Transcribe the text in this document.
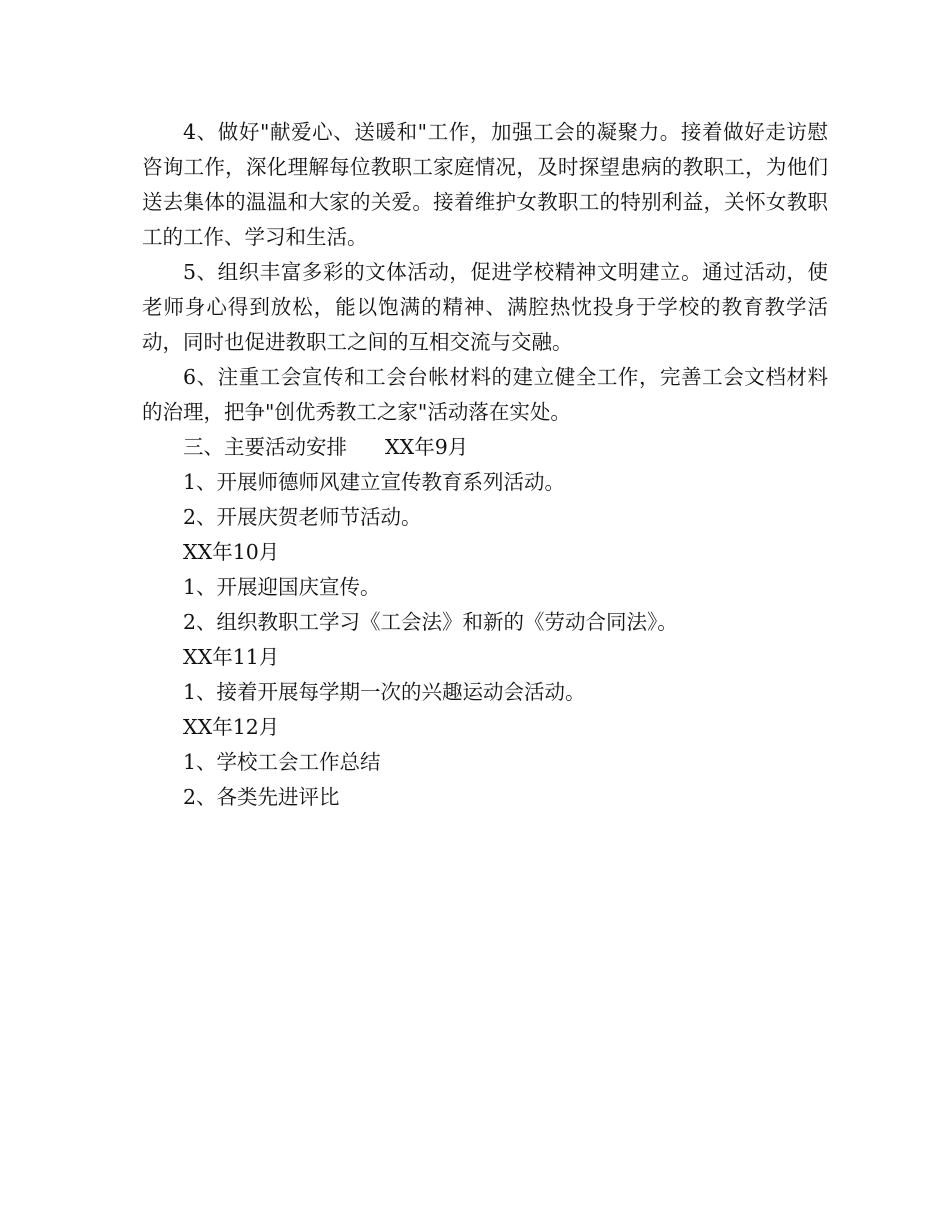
4、做好"献爱心、送暖和"工作，加强工会的凝聚力。接着做好走访慰咨询工作，深化理解每位教职工家庭情况，及时探望患病的教职工，为他们送去集体的温温和大家的关爱。接着维护女教职工的特别利益，关怀女教职工的工作、学习和生活。

5、组织丰富多彩的文体活动，促进学校精神文明建立。通过活动，使老师身心得到放松，能以饱满的精神、满腔热忱投身于学校的教育教学活动，同时也促进教职工之间的互相交流与交融。

6、注重工会宣传和工会台帐材料的建立健全工作，完善工会文档材料的治理，把争"创优秀教工之家"活动落在实处。

三、主要活动安排 XX年9月

1、开展师德师风建立宣传教育系列活动。

2、开展庆贺老师节活动。

XX年10月

1、开展迎国庆宣传。

2、组织教职工学习《工会法》和新的《劳动合同法》。

XX年11月

1、接着开展每学期一次的兴趣运动会活动。

XX年12月

1、学校工会工作总结

2、各类先进评比
